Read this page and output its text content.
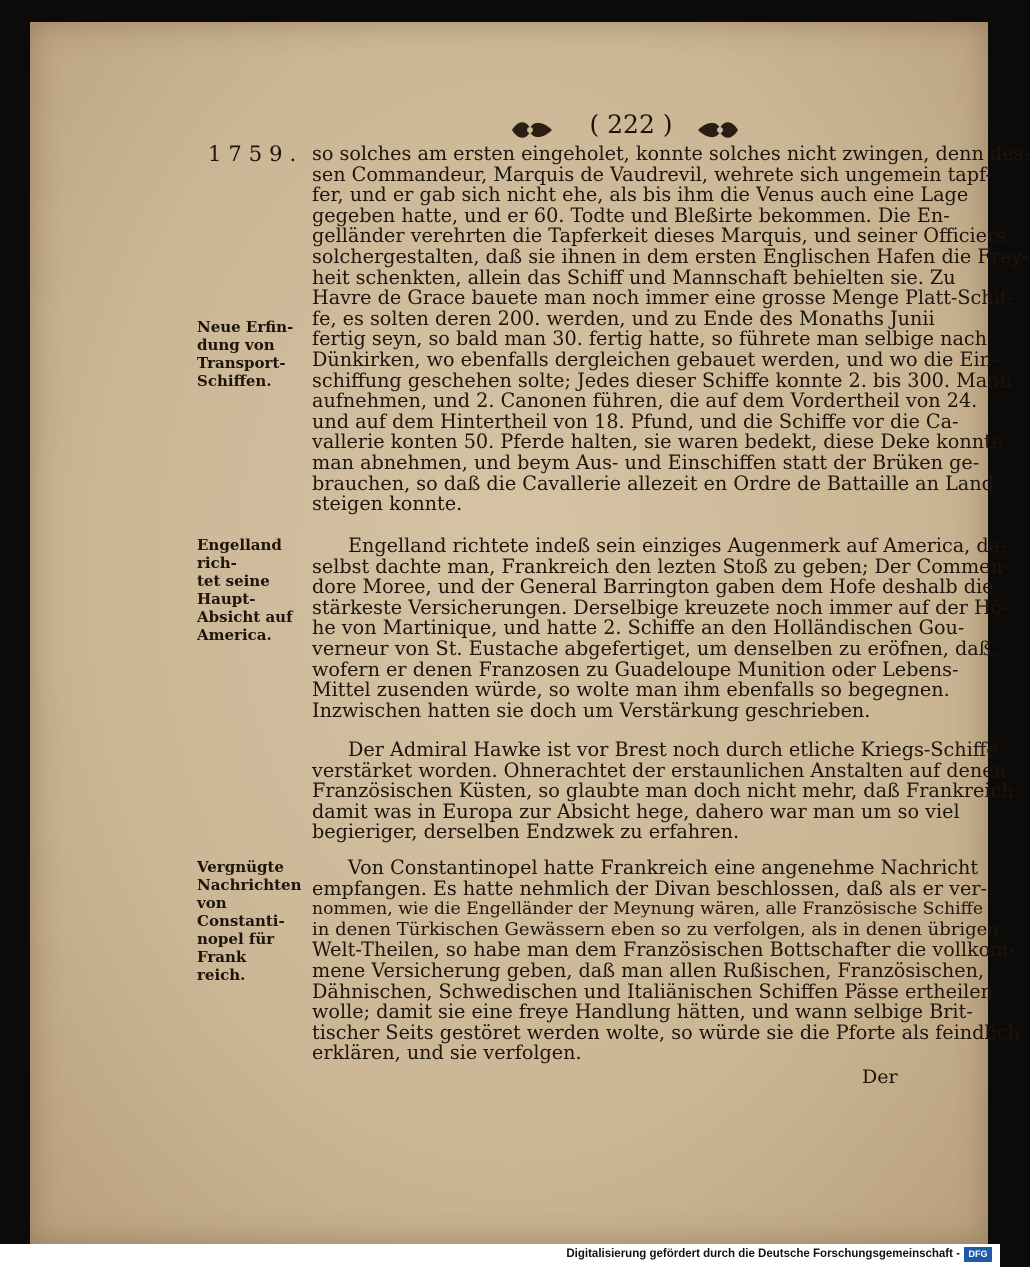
( 222 )
1759.
Neue Erfin-
dung von
Transport-
Schiffen.
Engelland rich-
tet seine Haupt-
Absicht auf
America.
Vergnügte
Nachrichten
von Constanti-
nopel für Frank
reich.
so solches am ersten eingeholet, konnte solches nicht zwingen, denn des-
sen Commandeur, Marquis de Vaudrevil, wehrete sich ungemein tapf-
fer, und er gab sich nicht ehe, als bis ihm die Venus auch eine Lage
gegeben hatte, und er 60. Todte und Bleßirte bekommen. Die En-
gelländer verehrten die Tapferkeit dieses Marquis, und seiner Officiers
solchergestalten, daß sie ihnen in dem ersten Englischen Hafen die Frey-
heit schenkten, allein das Schiff und Mannschaft behielten sie. Zu
Havre de Grace bauete man noch immer eine grosse Menge Platt-Schif-
fe, es solten deren 200. werden, und zu Ende des Monaths Junii
fertig seyn, so bald man 30. fertig hatte, so führete man selbige nach
Dünkirken, wo ebenfalls dergleichen gebauet werden, und wo die Ein-
schiffung geschehen solte; Jedes dieser Schiffe konnte 2. bis 300. Mann
aufnehmen, und 2. Canonen führen, die auf dem Vordertheil von 24.
und auf dem Hintertheil von 18. Pfund, und die Schiffe vor die Ca-
vallerie konten 50. Pferde halten, sie waren bedekt, diese Deke konnte
man abnehmen, und beym Aus- und Einschiffen statt der Brüken ge-
brauchen, so daß die Cavallerie allezeit en Ordre de Battaille an Land
steigen konnte.
Engelland richtete indeß sein einziges Augenmerk auf America, da-
selbst dachte man, Frankreich den lezten Stoß zu geben; Der Commen-
dore Moree, und der General Barrington gaben dem Hofe deshalb die
stärkeste Versicherungen. Derselbige kreuzete noch immer auf der Hö-
he von Martinique, und hatte 2. Schiffe an den Holländischen Gou-
verneur von St. Eustache abgefertiget, um denselben zu eröfnen, daß,
wofern er denen Franzosen zu Guadeloupe Munition oder Lebens-
Mittel zusenden würde, so wolte man ihm ebenfalls so begegnen.
Inzwischen hatten sie doch um Verstärkung geschrieben.
Der Admiral Hawke ist vor Brest noch durch etliche Kriegs-Schiffe
verstärket worden. Ohnerachtet der erstaunlichen Anstalten auf denen
Französischen Küsten, so glaubte man doch nicht mehr, daß Frankreich
damit was in Europa zur Absicht hege, dahero war man um so viel
begieriger, derselben Endzwek zu erfahren.
Von Constantinopel hatte Frankreich eine angenehme Nachricht
empfangen. Es hatte nehmlich der Divan beschlossen, daß als er ver-
nommen, wie die Engelländer der Meynung wären, alle Französische Schiffe
in denen Türkischen Gewässern eben so zu verfolgen, als in denen übrigen
Welt-Theilen, so habe man dem Französischen Bottschafter die vollkom-
mene Versicherung geben, daß man allen Rußischen, Französischen,
Dähnischen, Schwedischen und Italiänischen Schiffen Pässe ertheilen
wolle; damit sie eine freye Handlung hätten, und wann selbige Brit-
tischer Seits gestöret werden wolte, so würde sie die Pforte als feindlich
erklären, und sie verfolgen.
Der
Digitalisierung gefördert durch die Deutsche Forschungsgemeinschaft - DFG
